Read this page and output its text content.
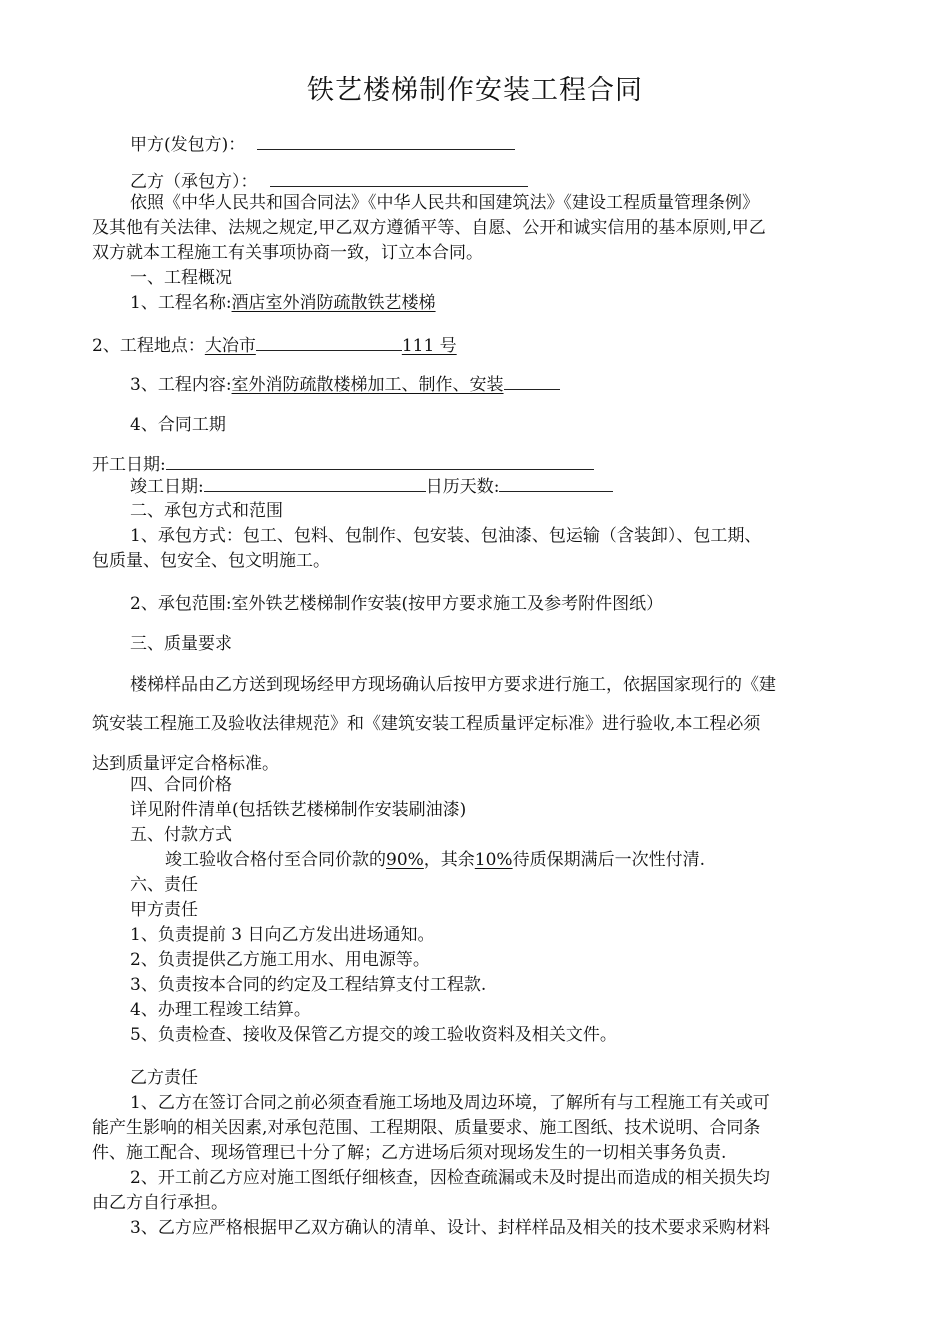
铁艺楼梯制作安装工程合同
甲方(发包方)：
乙方（承包方）：
依照《中华人民共和国合同法》《中华人民共和国建筑法》《建设工程质量管理条例》
及其他有关法律、法规之规定,甲乙双方遵循平等、自愿、公开和诚实信用的基本原则,甲乙
双方就本工程施工有关事项协商一致，订立本合同。
一、工程概况
1、工程名称:酒店室外消防疏散铁艺楼梯
2、工程地点：大冶市	111 号
3、工程内容:室外消防疏散楼梯加工、制作、安装
4、合同工期
开工日期:
竣工日期:	日历天数:
二、承包方式和范围
1、承包方式：包工、包料、包制作、包安装、包油漆、包运输（含装卸）、包工期、
包质量、包安全、包文明施工。
2、承包范围:室外铁艺楼梯制作安装(按甲方要求施工及参考附件图纸）
三、质量要求
楼梯样品由乙方送到现场经甲方现场确认后按甲方要求进行施工，依据国家现行的《建
筑安装工程施工及验收法律规范》和《建筑安装工程质量评定标准》进行验收,本工程必须
达到质量评定合格标准。
四、合同价格
详见附件清单(包括铁艺楼梯制作安装刷油漆)
五、付款方式
竣工验收合格付至合同价款的90%，其余10%待质保期满后一次性付清.
六、责任
甲方责任
1、负责提前 3 日向乙方发出进场通知。
2、负责提供乙方施工用水、用电源等。
3、负责按本合同的约定及工程结算支付工程款.
4、办理工程竣工结算。
5、负责检查、接收及保管乙方提交的竣工验收资料及相关文件。
乙方责任
1、乙方在签订合同之前必须查看施工场地及周边环境，了解所有与工程施工有关或可
能产生影响的相关因素,对承包范围、工程期限、质量要求、施工图纸、技术说明、合同条
件、施工配合、现场管理已十分了解；乙方进场后须对现场发生的一切相关事务负责.
2、开工前乙方应对施工图纸仔细核查，因检查疏漏或未及时提出而造成的相关损失均
由乙方自行承担。
3、乙方应严格根据甲乙双方确认的清单、设计、封样样品及相关的技术要求采购材料
